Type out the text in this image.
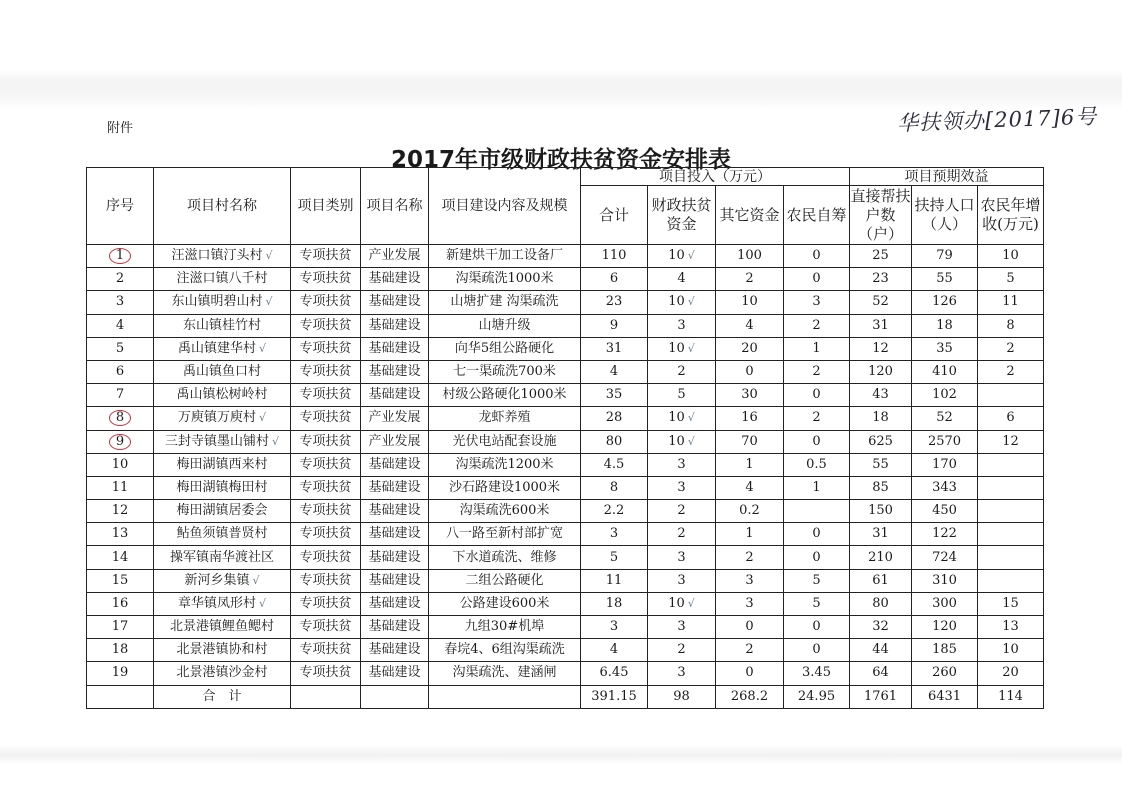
附件	华扶领办[2017]6号
2017年市级财政扶贫资金安排表
序号	项目村名称	项目类别	项目名称	项目建设内容及规模	项目投入（万元）				项目预期效益		
					合计	财政扶贫资金	其它资金	农民自筹	直接帮扶户数（户）	扶持人口（人）	农民年增收(万元)
1	汪滋口镇汀头村 √	专项扶贫	产业发展	新建烘干加工设备厂	110	10 √	100	0	25	79	10
2	注滋口镇八千村	专项扶贫	基础建设	沟渠疏洗1000米	6	4	2	0	23	55	5
3	东山镇明碧山村 √	专项扶贫	基础建设	山塘扩建 沟渠疏洗	23	10 √	10	3	52	126	11
4	东山镇桂竹村	专项扶贫	基础建设	山塘升级	9	3	4	2	31	18	8
5	禹山镇建华村 √	专项扶贫	基础建设	向华5组公路硬化	31	10 √	20	1	12	35	2
6	禹山镇鱼口村	专项扶贫	基础建设	七一渠疏洗700米	4	2	0	2	120	410	2
7	禹山镇松树岭村	专项扶贫	基础建设	村级公路硬化1000米	35	5	30	0	43	102	
8	万庾镇万庾村 √	专项扶贫	产业发展	龙虾养殖	28	10 √	16	2	18	52	6
9	三封寺镇墨山铺村 √	专项扶贫	产业发展	光伏电站配套设施	80	10 √	70	0	625	2570	12
10	梅田湖镇西来村	专项扶贫	基础建设	沟渠疏洗1200米	4.5	3	1	0.5	55	170	
11	梅田湖镇梅田村	专项扶贫	基础建设	沙石路建设1000米	8	3	4	1	85	343	
12	梅田湖镇居委会	专项扶贫	基础建设	沟渠疏洗600米	2.2	2	0.2		150	450	
13	鲇鱼须镇普贤村	专项扶贫	基础建设	八一路至新村部扩宽	3	2	1	0	31	122	
14	操军镇南华渡社区	专项扶贫	基础建设	下水道疏洗、维修	5	3	2	0	210	724	
15	新河乡集镇 √	专项扶贫	基础建设	二组公路硬化	11	3	3	5	61	310	
16	章华镇凤形村 √	专项扶贫	基础建设	公路建设600米	18	10 √	3	5	80	300	15
17	北景港镇鲤鱼鳃村	专项扶贫	基础建设	九组30#机埠	3	3	0	0	32	120	13
18	北景港镇协和村	专项扶贫	基础建设	春垸4、6组沟渠疏洗	4	2	2	0	44	185	10
19	北景港镇沙金村	专项扶贫	基础建设	沟渠疏洗、建涵闸	6.45	3	0	3.45	64	260	20
	合　计				391.15	98	268.2	24.95	1761	6431	114
